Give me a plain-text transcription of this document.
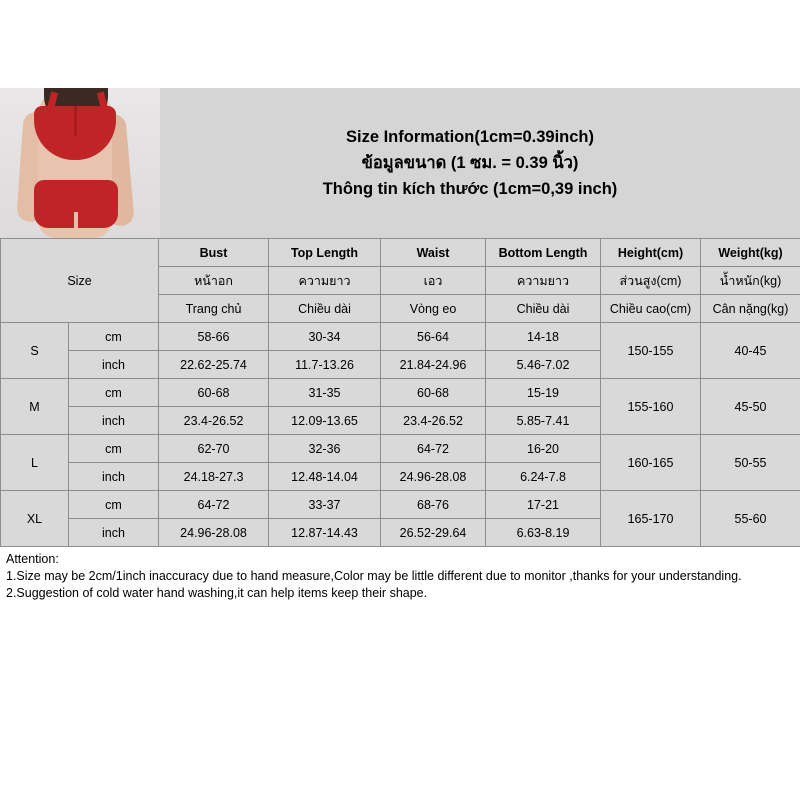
Size Information(1cm=0.39inch)
ข้อมูลขนาด (1 ซม. = 0.39 นิ้ว)
Thông tin kích thước (1cm=0,39 inch)
Size		Bust	Top Length	Waist	Bottom Length	Height(cm)	Weight(kg)
		หน้าอก	ความยาว	เอว	ความยาว	ส่วนสูง(cm)	น้ำหนัก(kg)
		Trang chủ	Chiều dài	Vòng eo	Chiều dài	Chiều cao(cm)	Cân nặng(kg)
S	cm	58-66	30-34	56-64	14-18	150-155	40-45
	inch	22.62-25.74	11.7-13.26	21.84-24.96	5.46-7.02		
M	cm	60-68	31-35	60-68	15-19	155-160	45-50
	inch	23.4-26.52	12.09-13.65	23.4-26.52	5.85-7.41		
L	cm	62-70	32-36	64-72	16-20	160-165	50-55
	inch	24.18-27.3	12.48-14.04	24.96-28.08	6.24-7.8		
XL	cm	64-72	33-37	68-76	17-21	165-170	55-60
	inch	24.96-28.08	12.87-14.43	26.52-29.64	6.63-8.19		
Attention:
1.Size may be 2cm/1inch inaccuracy due to hand measure,Color may be little different due to monitor ,thanks for your understanding.
2.Suggestion of cold water hand washing,it can help items keep their shape.
